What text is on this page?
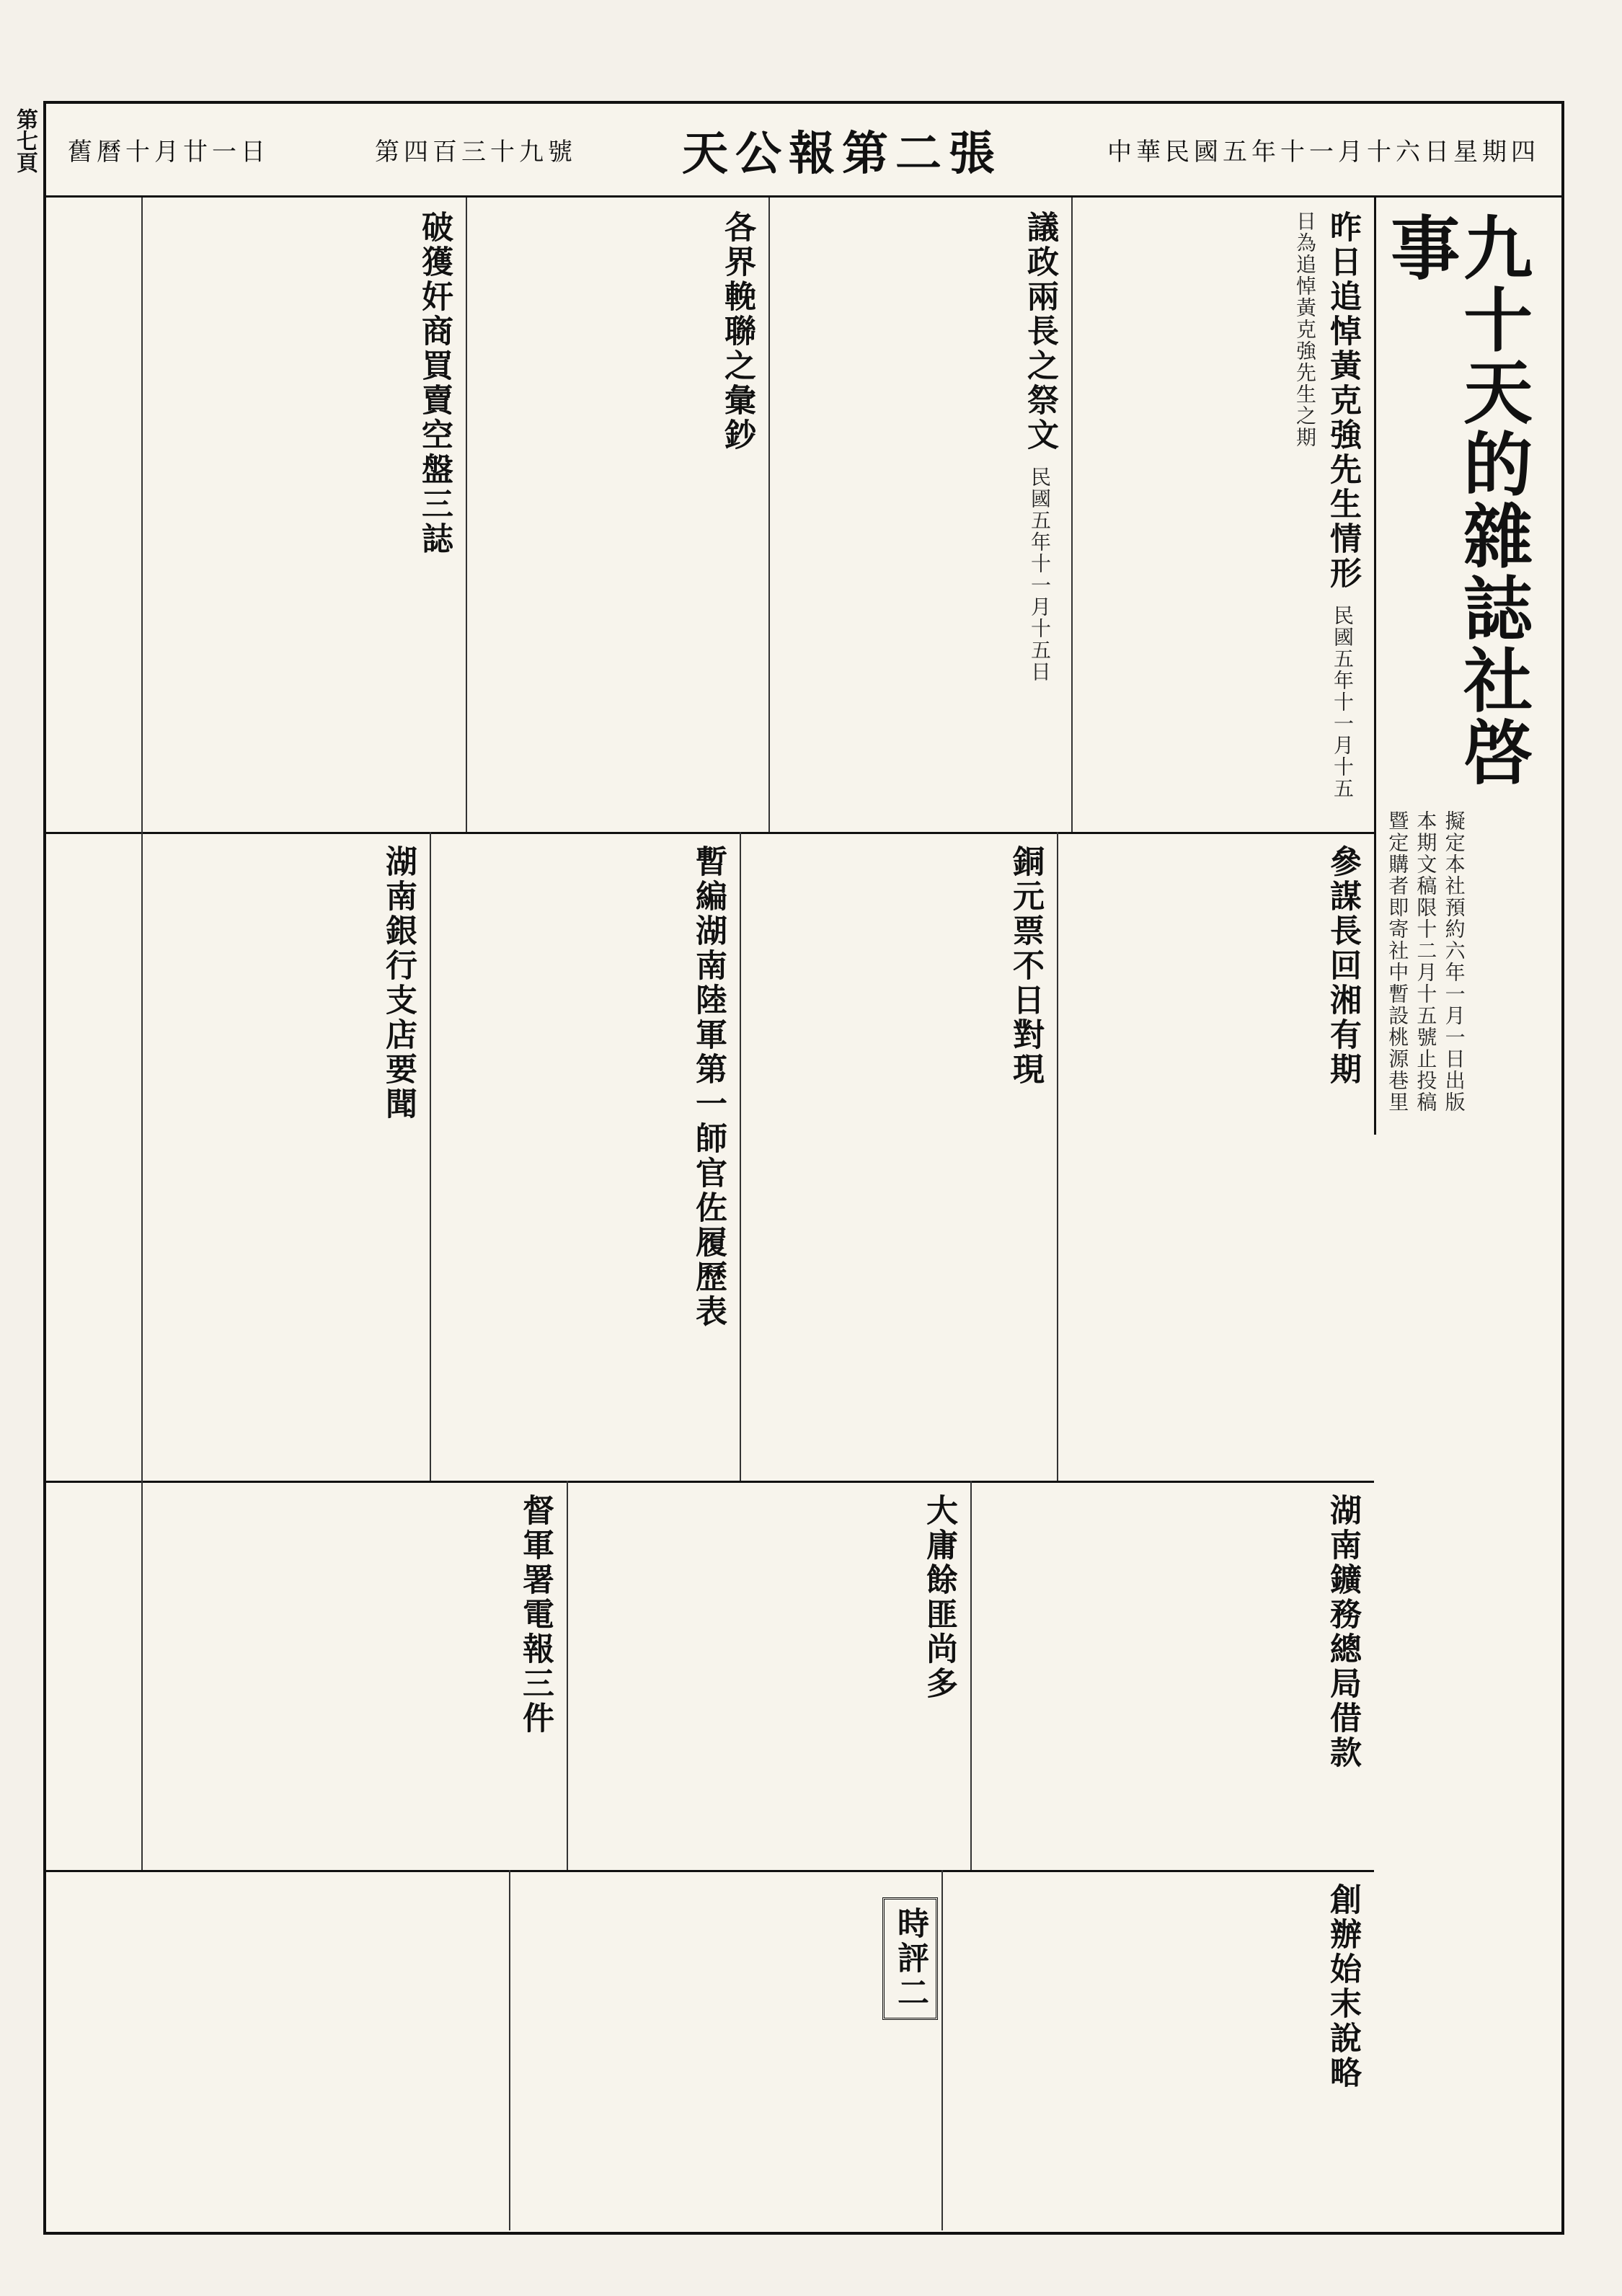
舊曆十月廿一日	第四百三十九號 天公報第二張	中華民國五年十一月十六日星期四
九十天的雜誌社啓事
擬定本社預約六年一月一日出版本期文稿限十二月十五號止投稿暨定購者即寄社中暫設桃源巷里
昨日追悼黃克強先生情形 民國五年十一月十五日為追悼黃克強先生之期
議政兩長之祭文 民國五年十一月十五日
各界輓聯之彙鈔
破獲奸商買賣空盤三誌
參謀長回湘有期
銅元票不日對現
暫編湖南陸軍第一師官佐履歷表
湖南銀行支店要聞
湖南鑛務總局借款
大庸餘匪尚多
督軍署電報三件
創辦始末說略
時評二
第七頁
